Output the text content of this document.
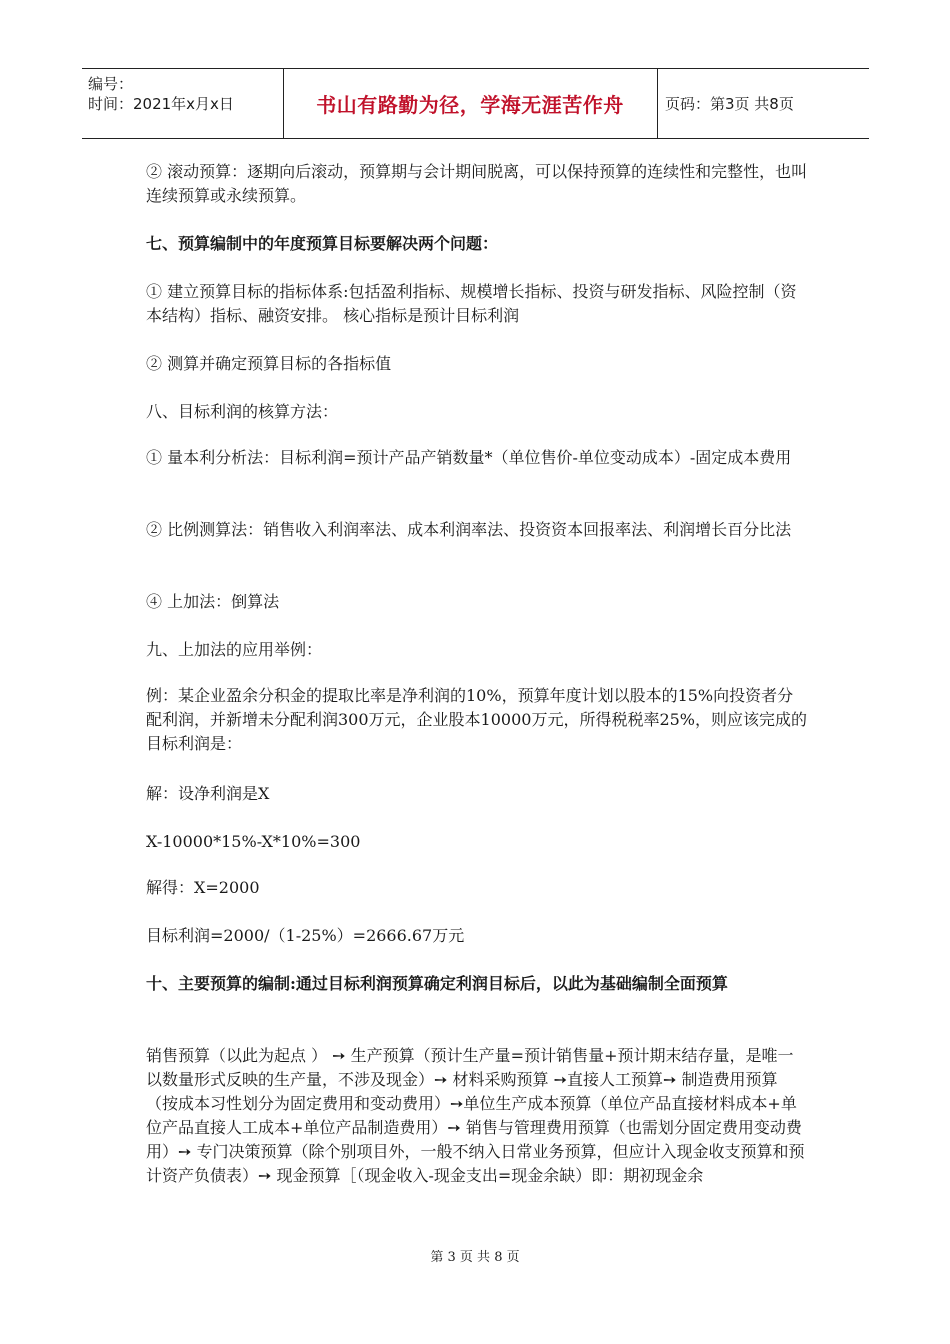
编号：
时间：2021年x月x日	书山有路勤为径，学海无涯苦作舟	页码：第3页 共8页

② 滚动预算：逐期向后滚动，预算期与会计期间脱离，可以保持预算的连续性和完整性，也叫连续预算或永续预算。

七、预算编制中的年度预算目标要解决两个问题：

① 建立预算目标的指标体系:包括盈利指标、规模增长指标、投资与研发指标、风险控制（资本结构）指标、融资安排。 核心指标是预计目标利润

② 测算并确定预算目标的各指标值

八、目标利润的核算方法：

① 量本利分析法：目标利润=预计产品产销数量*（单位售价-单位变动成本）-固定成本费用

② 比例测算法：销售收入利润率法、成本利润率法、投资资本回报率法、利润增长百分比法

④ 上加法：倒算法

九、上加法的应用举例：

例：某企业盈余分积金的提取比率是净利润的10%，预算年度计划以股本的15%向投资者分配利润，并新增未分配利润300万元，企业股本10000万元，所得税税率25%，则应该完成的目标利润是：

解：设净利润是X

X-10000*15%-X*10%=300

解得：X=2000

目标利润=2000/（1-25%）=2666.67万元

十、主要预算的编制:通过目标利润预算确定利润目标后，以此为基础编制全面预算

销售预算（以此为起点 ） ➙ 生产预算（预计生产量=预计销售量+预计期末结存量，是唯一以数量形式反映的生产量，不涉及现金）➙ 材料采购预算 ➙直接人工预算➙ 制造费用预算（按成本习性划分为固定费用和变动费用）➙单位生产成本预算（单位产品直接材料成本+单位产品直接人工成本+单位产品制造费用）➙ 销售与管理费用预算（也需划分固定费用变动费用）➙ 专门决策预算（除个别项目外，一般不纳入日常业务预算，但应计入现金收支预算和预计资产负债表）➙ 现金预算［（现金收入-现金支出=现金余缺）即：期初现金余

第 3 页 共 8 页
